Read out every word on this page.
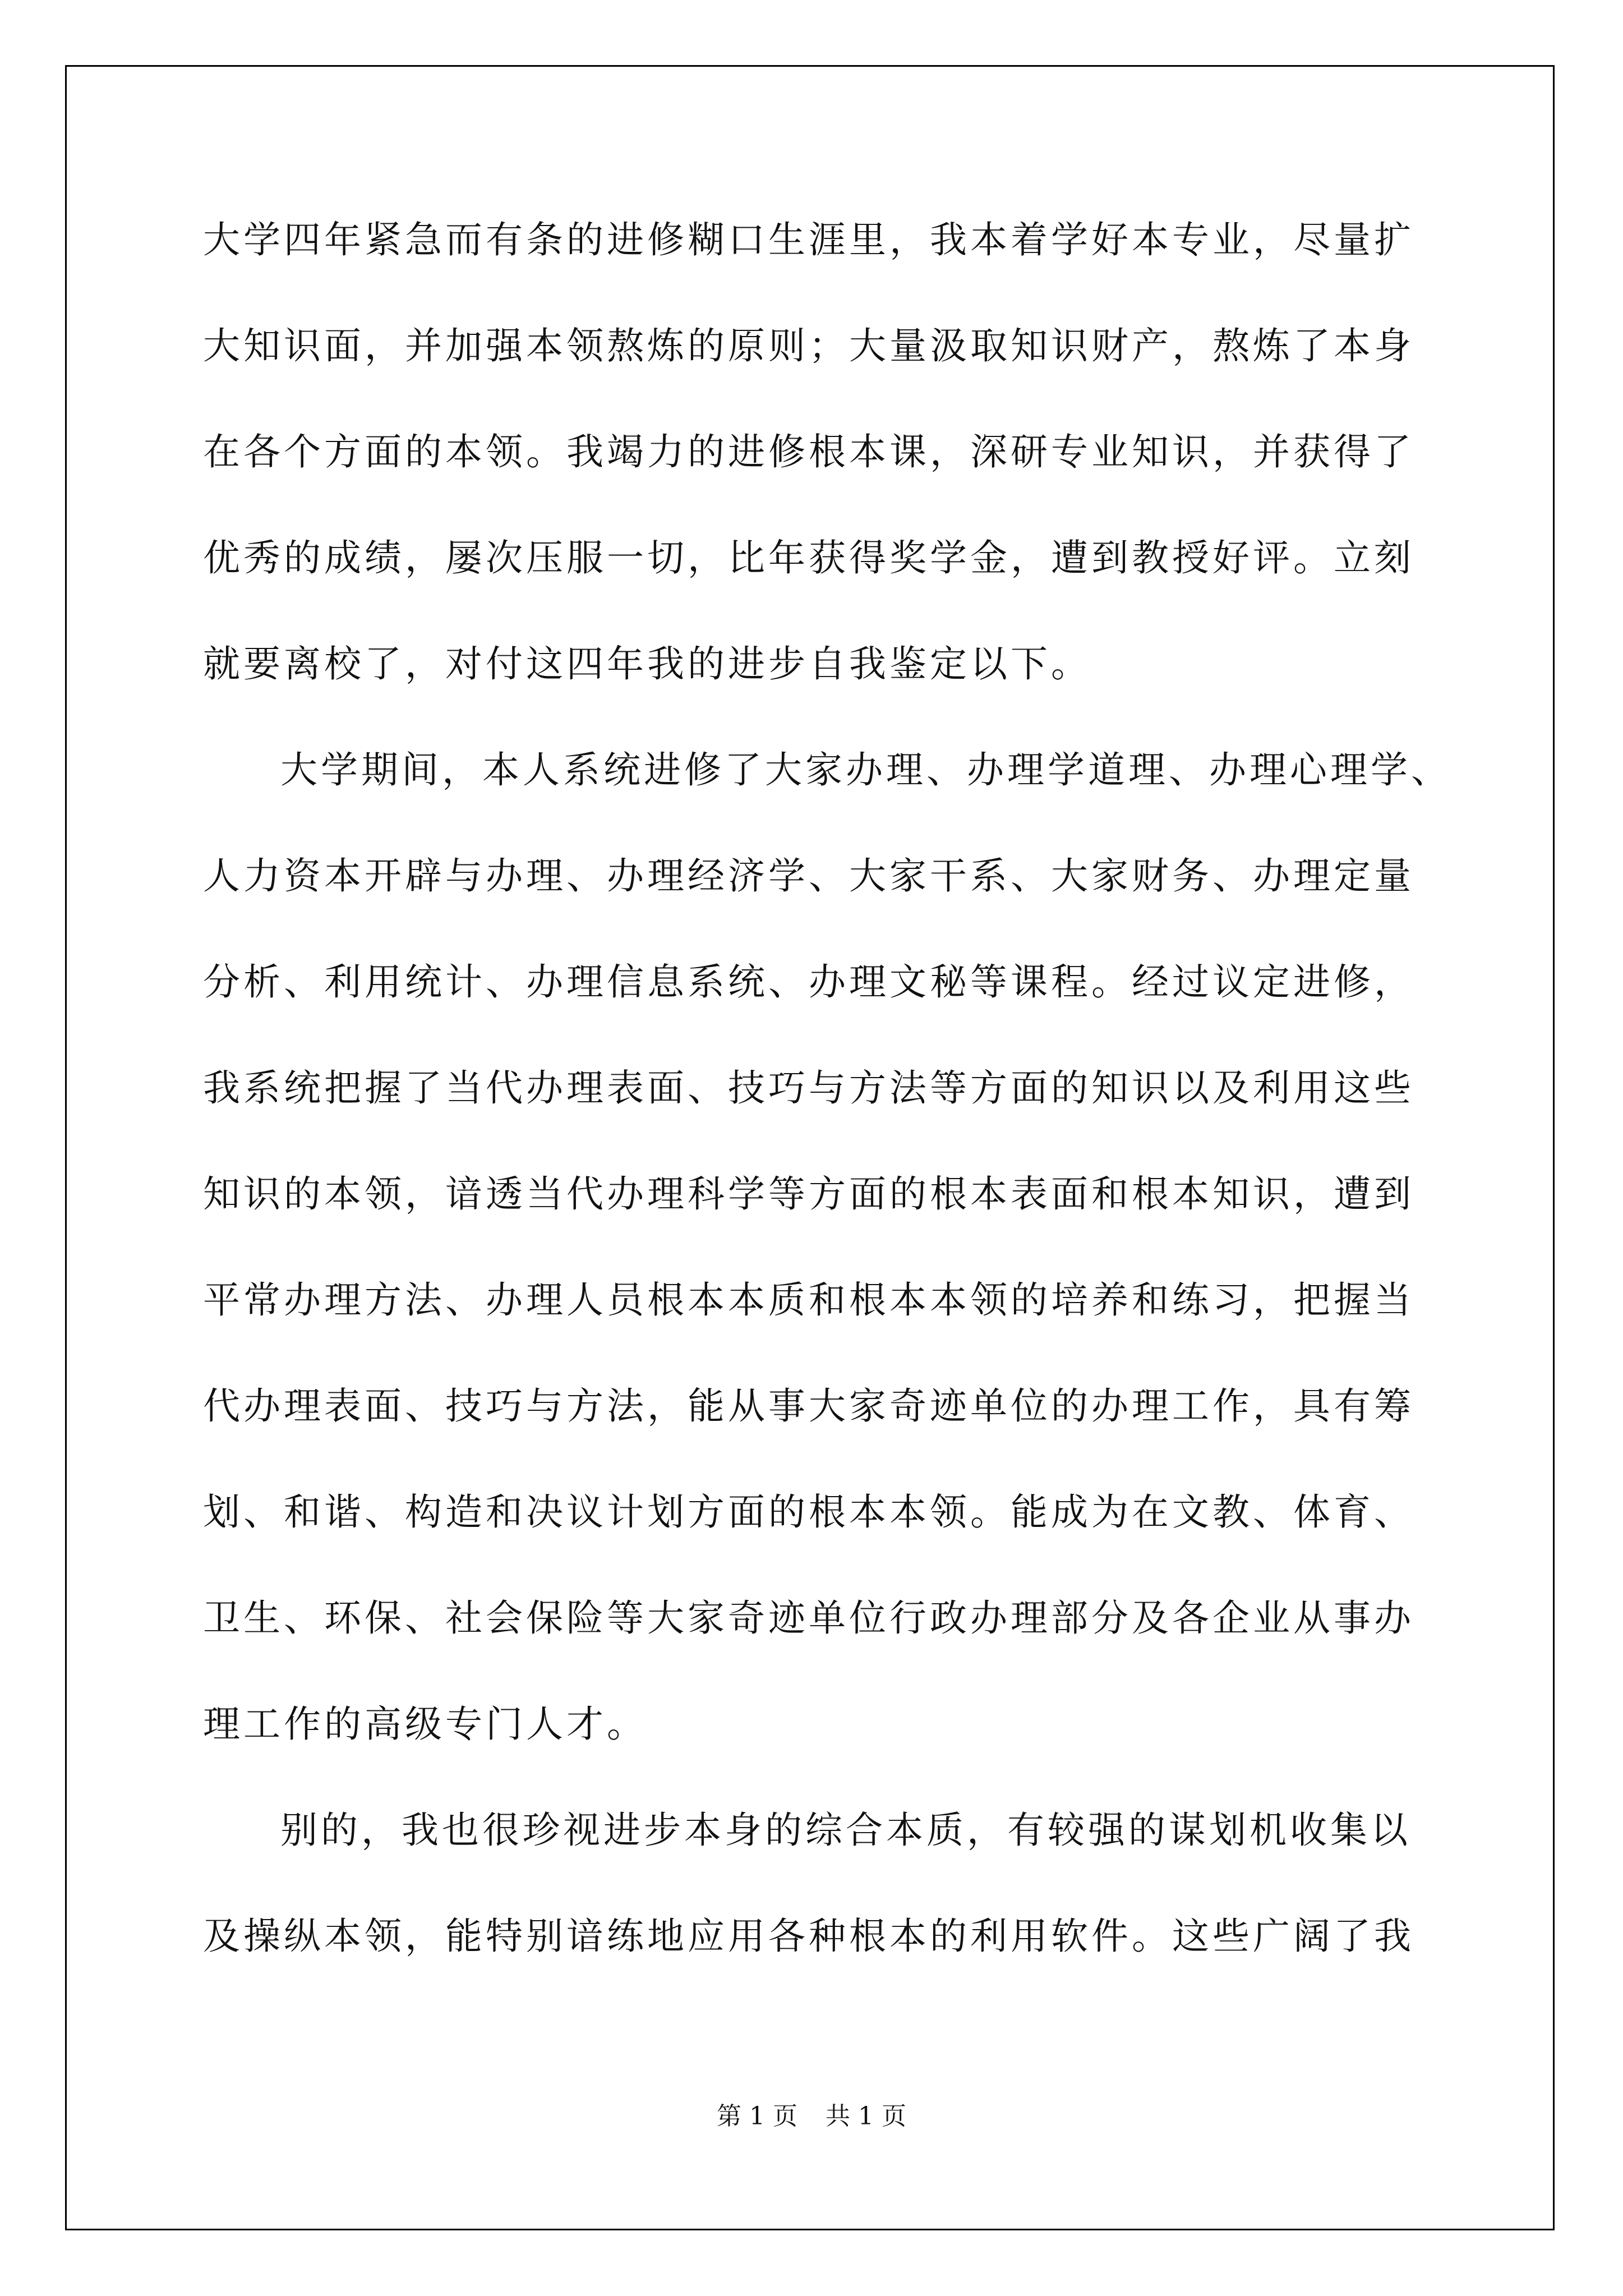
大学四年紧急而有条的进修糊口生涯里，我本着学好本专业，尽量扩
大知识面，并加强本领熬炼的原则；大量汲取知识财产，熬炼了本身
在各个方面的本领。我竭力的进修根本课，深研专业知识，并获得了
优秀的成绩，屡次压服一切，比年获得奖学金，遭到教授好评。立刻
就要离校了，对付这四年我的进步自我鉴定以下。
大学期间，本人系统进修了大家办理、办理学道理、办理心理学、
人力资本开辟与办理、办理经济学、大家干系、大家财务、办理定量
分析、利用统计、办理信息系统、办理文秘等课程。经过议定进修，
我系统把握了当代办理表面、技巧与方法等方面的知识以及利用这些
知识的本领，谙透当代办理科学等方面的根本表面和根本知识，遭到
平常办理方法、办理人员根本本质和根本本领的培养和练习，把握当
代办理表面、技巧与方法，能从事大家奇迹单位的办理工作，具有筹
划、和谐、构造和决议计划方面的根本本领。能成为在文教、体育、
卫生、环保、社会保险等大家奇迹单位行政办理部分及各企业从事办
理工作的高级专门人才。
别的，我也很珍视进步本身的综合本质，有较强的谋划机收集以
及操纵本领，能特别谙练地应用各种根本的利用软件。这些广阔了我
第 1 页 共 1 页
